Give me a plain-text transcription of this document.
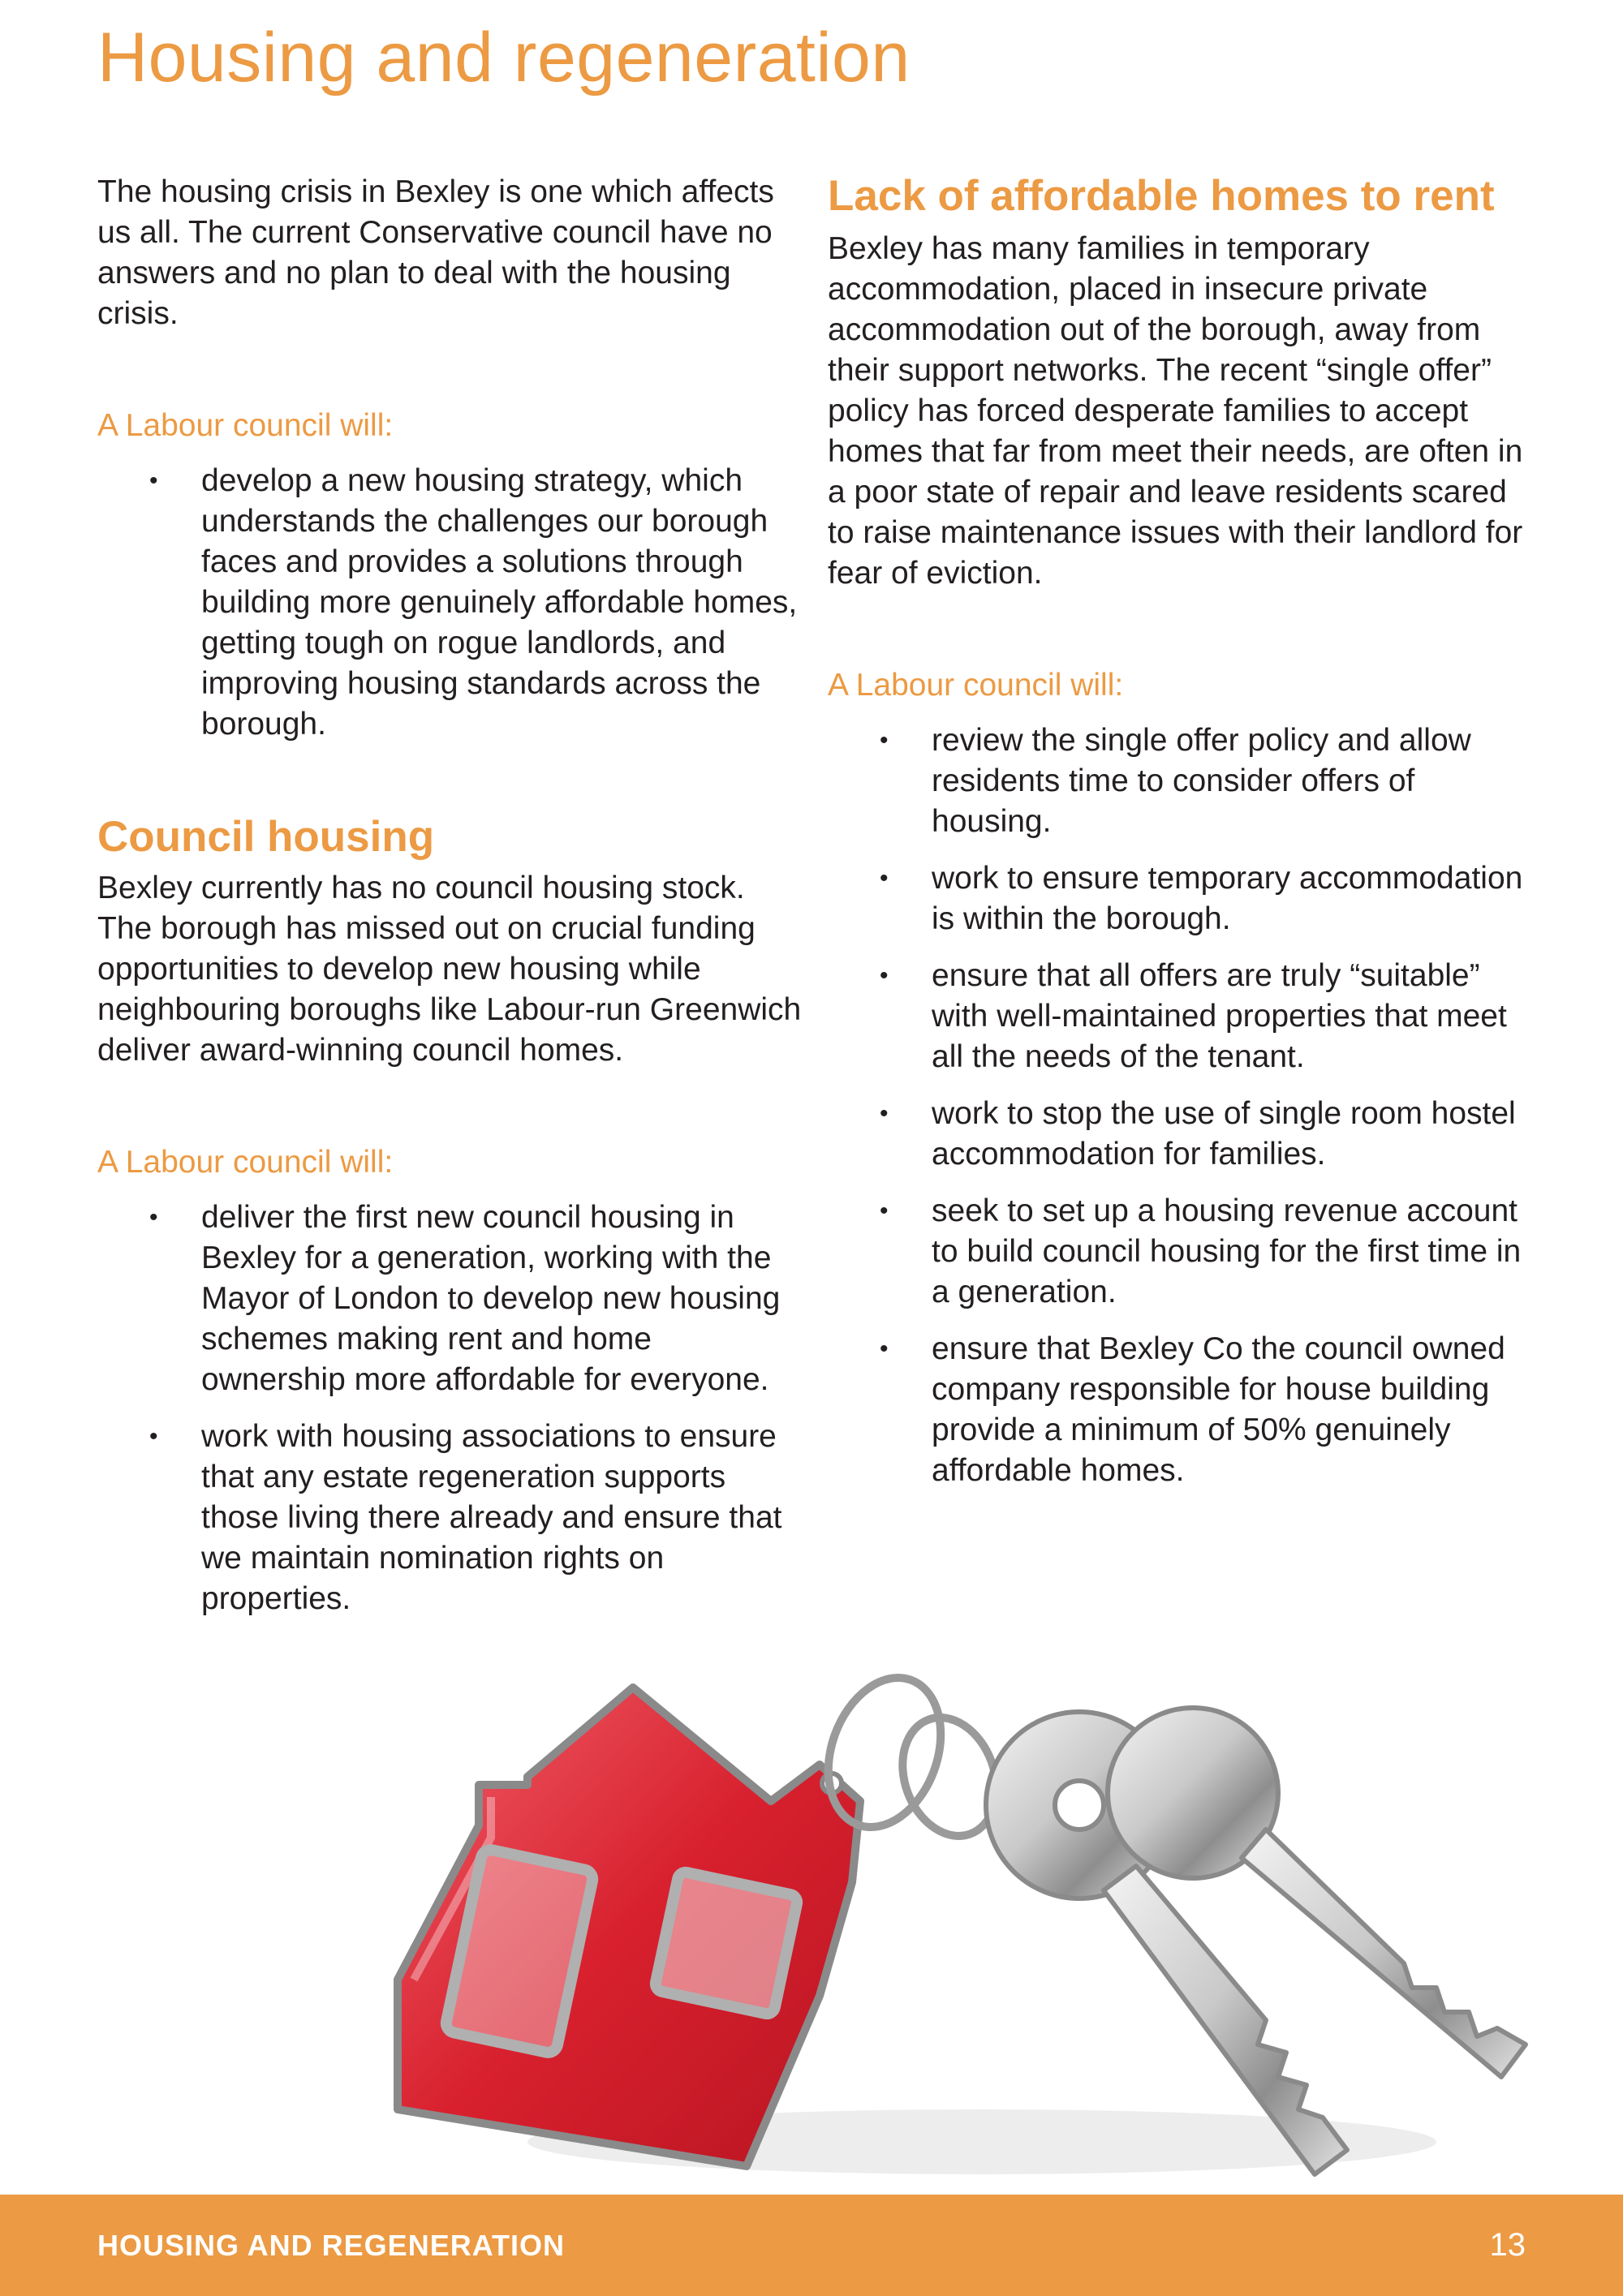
Housing and regeneration

The housing crisis in Bexley is one which affects us all. The current Conservative council have no answers and no plan to deal with the housing crisis.

A Labour council will:
• develop a new housing strategy, which understands the challenges our borough faces and provides a solutions through building more genuinely affordable homes, getting tough on rogue landlords, and improving housing standards across the borough.
Council housing

Bexley currently has no council housing stock. The borough has missed out on crucial funding opportunities to develop new housing while neighbouring boroughs like Labour-run Greenwich deliver award-winning council homes.

A Labour council will:
• deliver the first new council housing in Bexley for a generation, working with the Mayor of London to develop new housing schemes making rent and home ownership more affordable for everyone.
• work with housing associations to ensure that any estate regeneration supports those living there already and ensure that we maintain nomination rights on properties.
Lack of affordable homes to rent

Bexley has many families in temporary accommodation, placed in insecure private accommodation out of the borough, away from their support networks. The recent “single offer” policy has forced desperate families to accept homes that far from meet their needs, are often in a poor state of repair and leave residents scared to raise maintenance issues with their landlord for fear of eviction.

A Labour council will:
• review the single offer policy and allow residents time to consider offers of housing.
• work to ensure temporary accommodation is within the borough.
• ensure that all offers are truly “suitable” with well-maintained properties that meet all the needs of the tenant.
• work to stop the use of single room hostel accommodation for families.
• seek to set up a housing revenue account to build council housing for the first time in a generation.
• ensure that Bexley Co the council owned company responsible for house building provide a minimum of 50% genuinely affordable homes.
HOUSING AND REGENERATION	13
